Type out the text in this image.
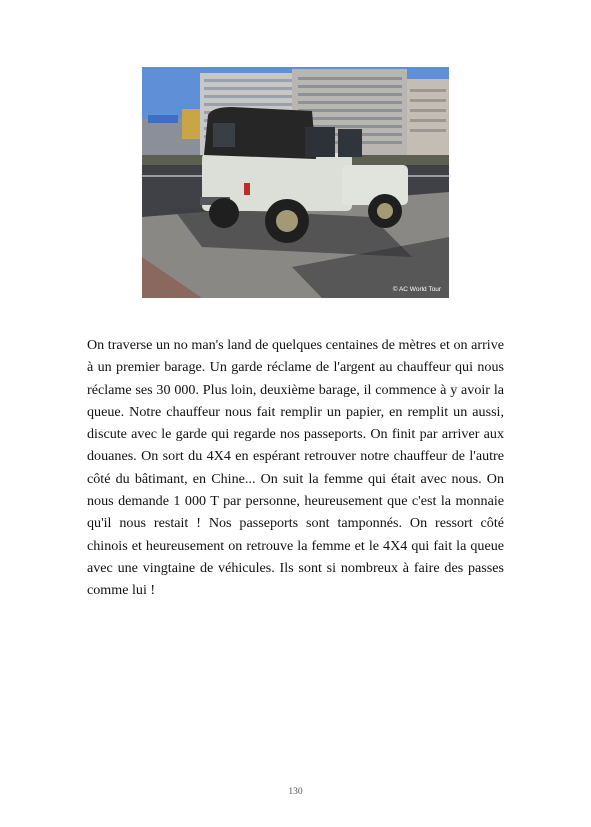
© AC World Tour

On traverse un no man's land de quelques centaines de mètres et on arrive à un premier barage. Un garde réclame de l'argent au chauffeur qui nous réclame ses 30 000. Plus loin, deuxième barage, il commence à y avoir la queue. Notre chauffeur nous fait remplir un papier, en remplit un aussi, discute avec le garde qui regarde nos passeports. On finit par arriver aux douanes. On sort du 4X4 en espérant retrouver notre chauffeur de l'autre côté du bâtimant, en Chine... On suit la femme qui était avec nous. On nous demande 1 000 T par personne, heureusement que c'est la monnaie qu'il nous restait ! Nos passeports sont tamponnés. On ressort côté chinois et heureusement on retrouve la femme et le 4X4 qui fait la queue avec une vingtaine de véhicules. Ils sont si nombreux à faire des passes comme lui !

130
